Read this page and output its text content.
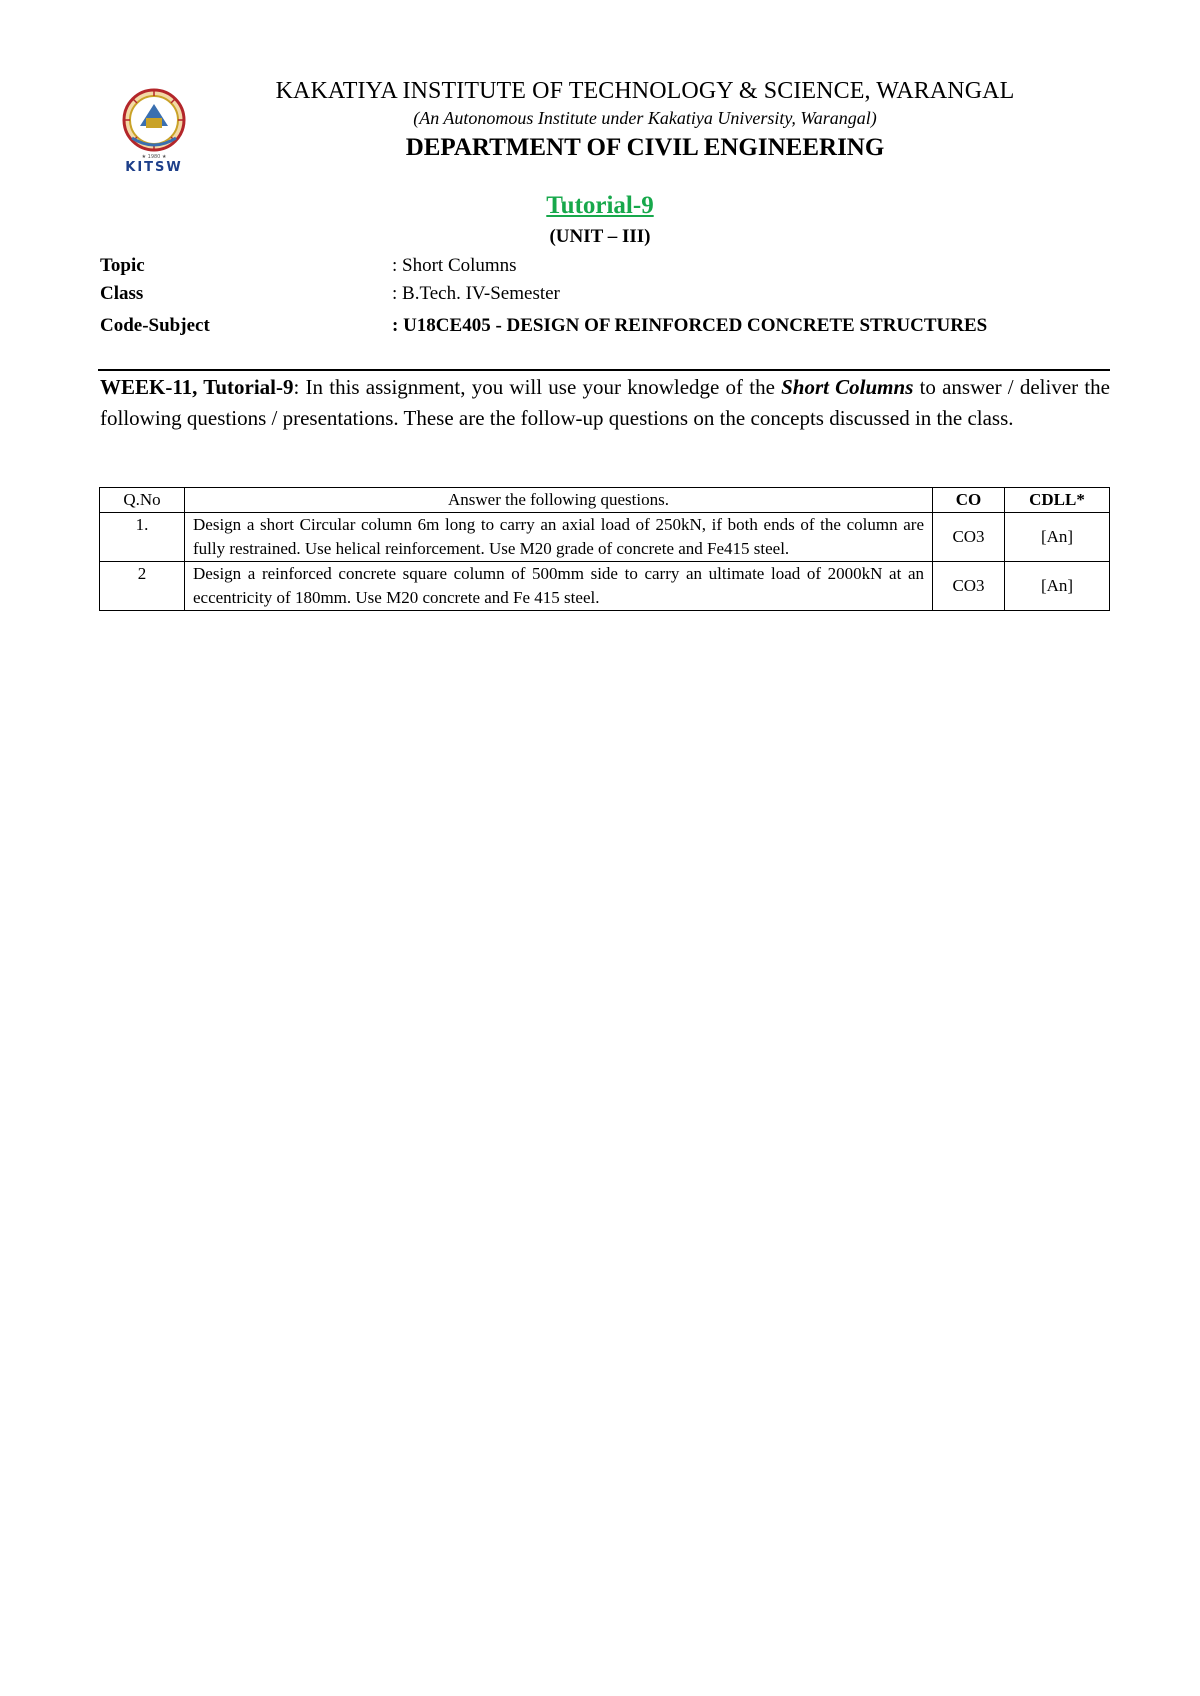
★ 1980 ★
KITSW
KAKATIYA INSTITUTE OF TECHNOLOGY & SCIENCE, WARANGAL
(An Autonomous Institute under Kakatiya University, Warangal)
DEPARTMENT OF CIVIL ENGINEERING
Tutorial-9
(UNIT – III)
Topic	: Short Columns
Class	: B.Tech. IV-Semester
Code-Subject	: U18CE405 - DESIGN OF REINFORCED CONCRETE STRUCTURES
WEEK-11, Tutorial-9: In this assignment, you will use your knowledge of the Short Columns to answer / deliver the following questions / presentations. These are the follow-up questions on the concepts discussed in the class.
Q.No	Answer the following questions.	CO	CDLL*
1.	Design a short Circular column 6m long to carry an axial load of 250kN, if both ends of the column are fully restrained. Use helical reinforcement. Use M20 grade of concrete and Fe415 steel.	CO3	[An]
2	Design a reinforced concrete square column of 500mm side to carry an ultimate load of 2000kN at an eccentricity of 180mm. Use M20 concrete and Fe 415 steel.	CO3	[An]
